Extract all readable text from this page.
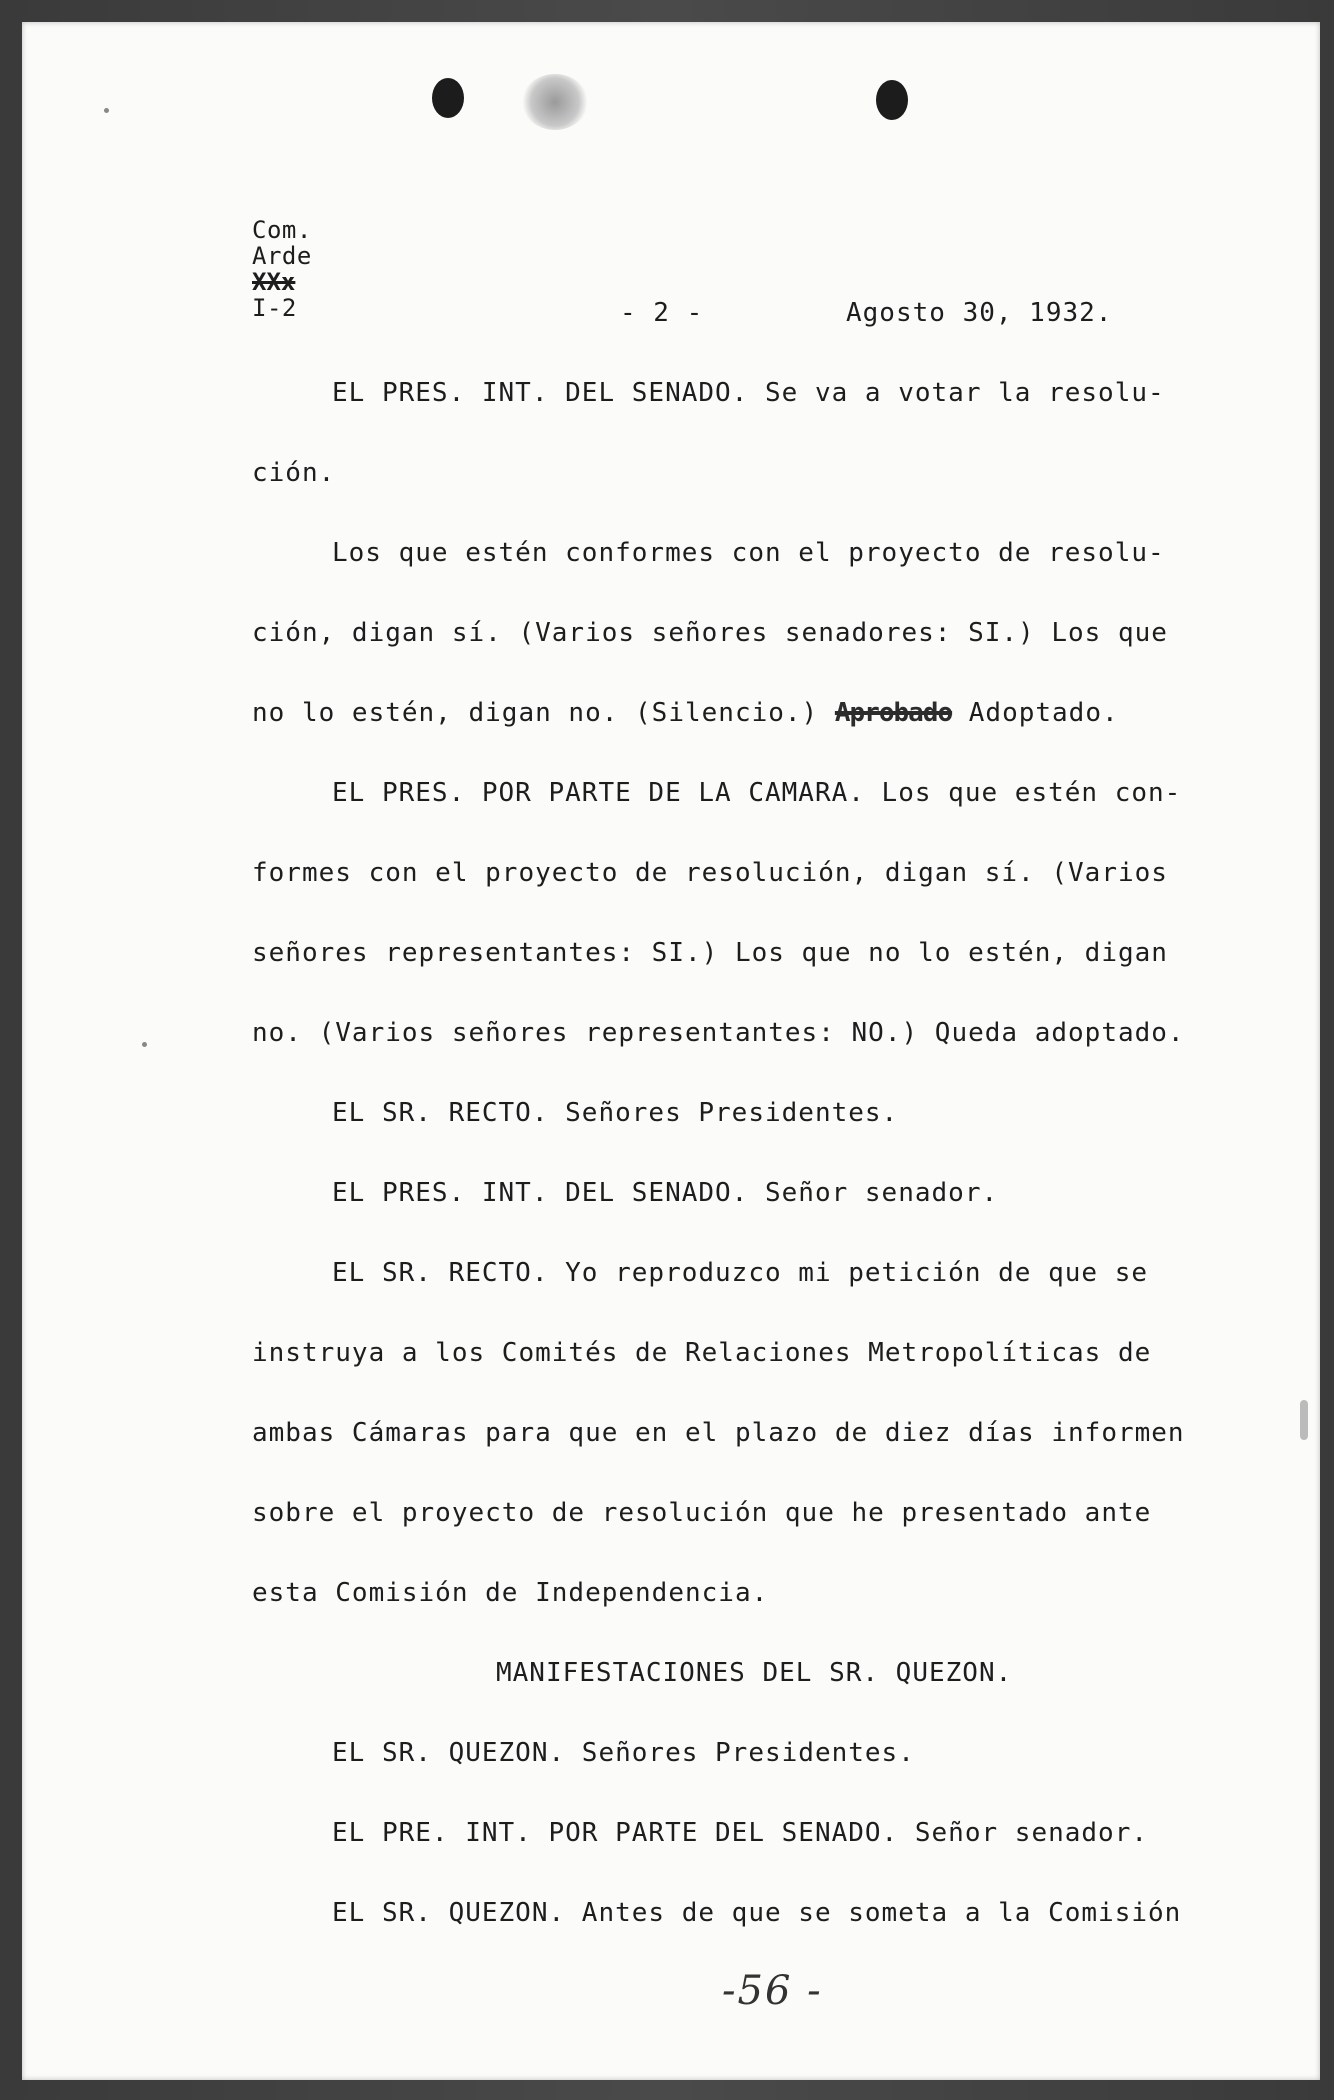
Com.
Arde
XXx
I-2	- 2 -	Agosto 30, 1932.
EL PRES. INT. DEL SENADO. Se va a votar la resolu-
ción.
Los que estén conformes con el proyecto de resolu-
ción, digan sí. (Varios señores senadores: SI.) Los que
no lo estén, digan no. (Silencio.) Aprobado Adoptado.
EL PRES. POR PARTE DE LA CAMARA. Los que estén con-
formes con el proyecto de resolución, digan sí. (Varios
señores representantes: SI.) Los que no lo estén, digan
no. (Varios señores representantes: NO.) Queda adoptado.
EL SR. RECTO. Señores Presidentes.
EL PRES. INT. DEL SENADO. Señor senador.
EL SR. RECTO. Yo reproduzco mi petición de que se
instruya a los Comités de Relaciones Metropolíticas de
ambas Cámaras para que en el plazo de diez días informen
sobre el proyecto de resolución que he presentado ante
esta Comisión de Independencia.
MANIFESTACIONES DEL SR. QUEZON.
EL SR. QUEZON. Señores Presidentes.
EL PRE. INT. POR PARTE DEL SENADO. Señor senador.
EL SR. QUEZON. Antes de que se someta a la Comisión
-56 -
